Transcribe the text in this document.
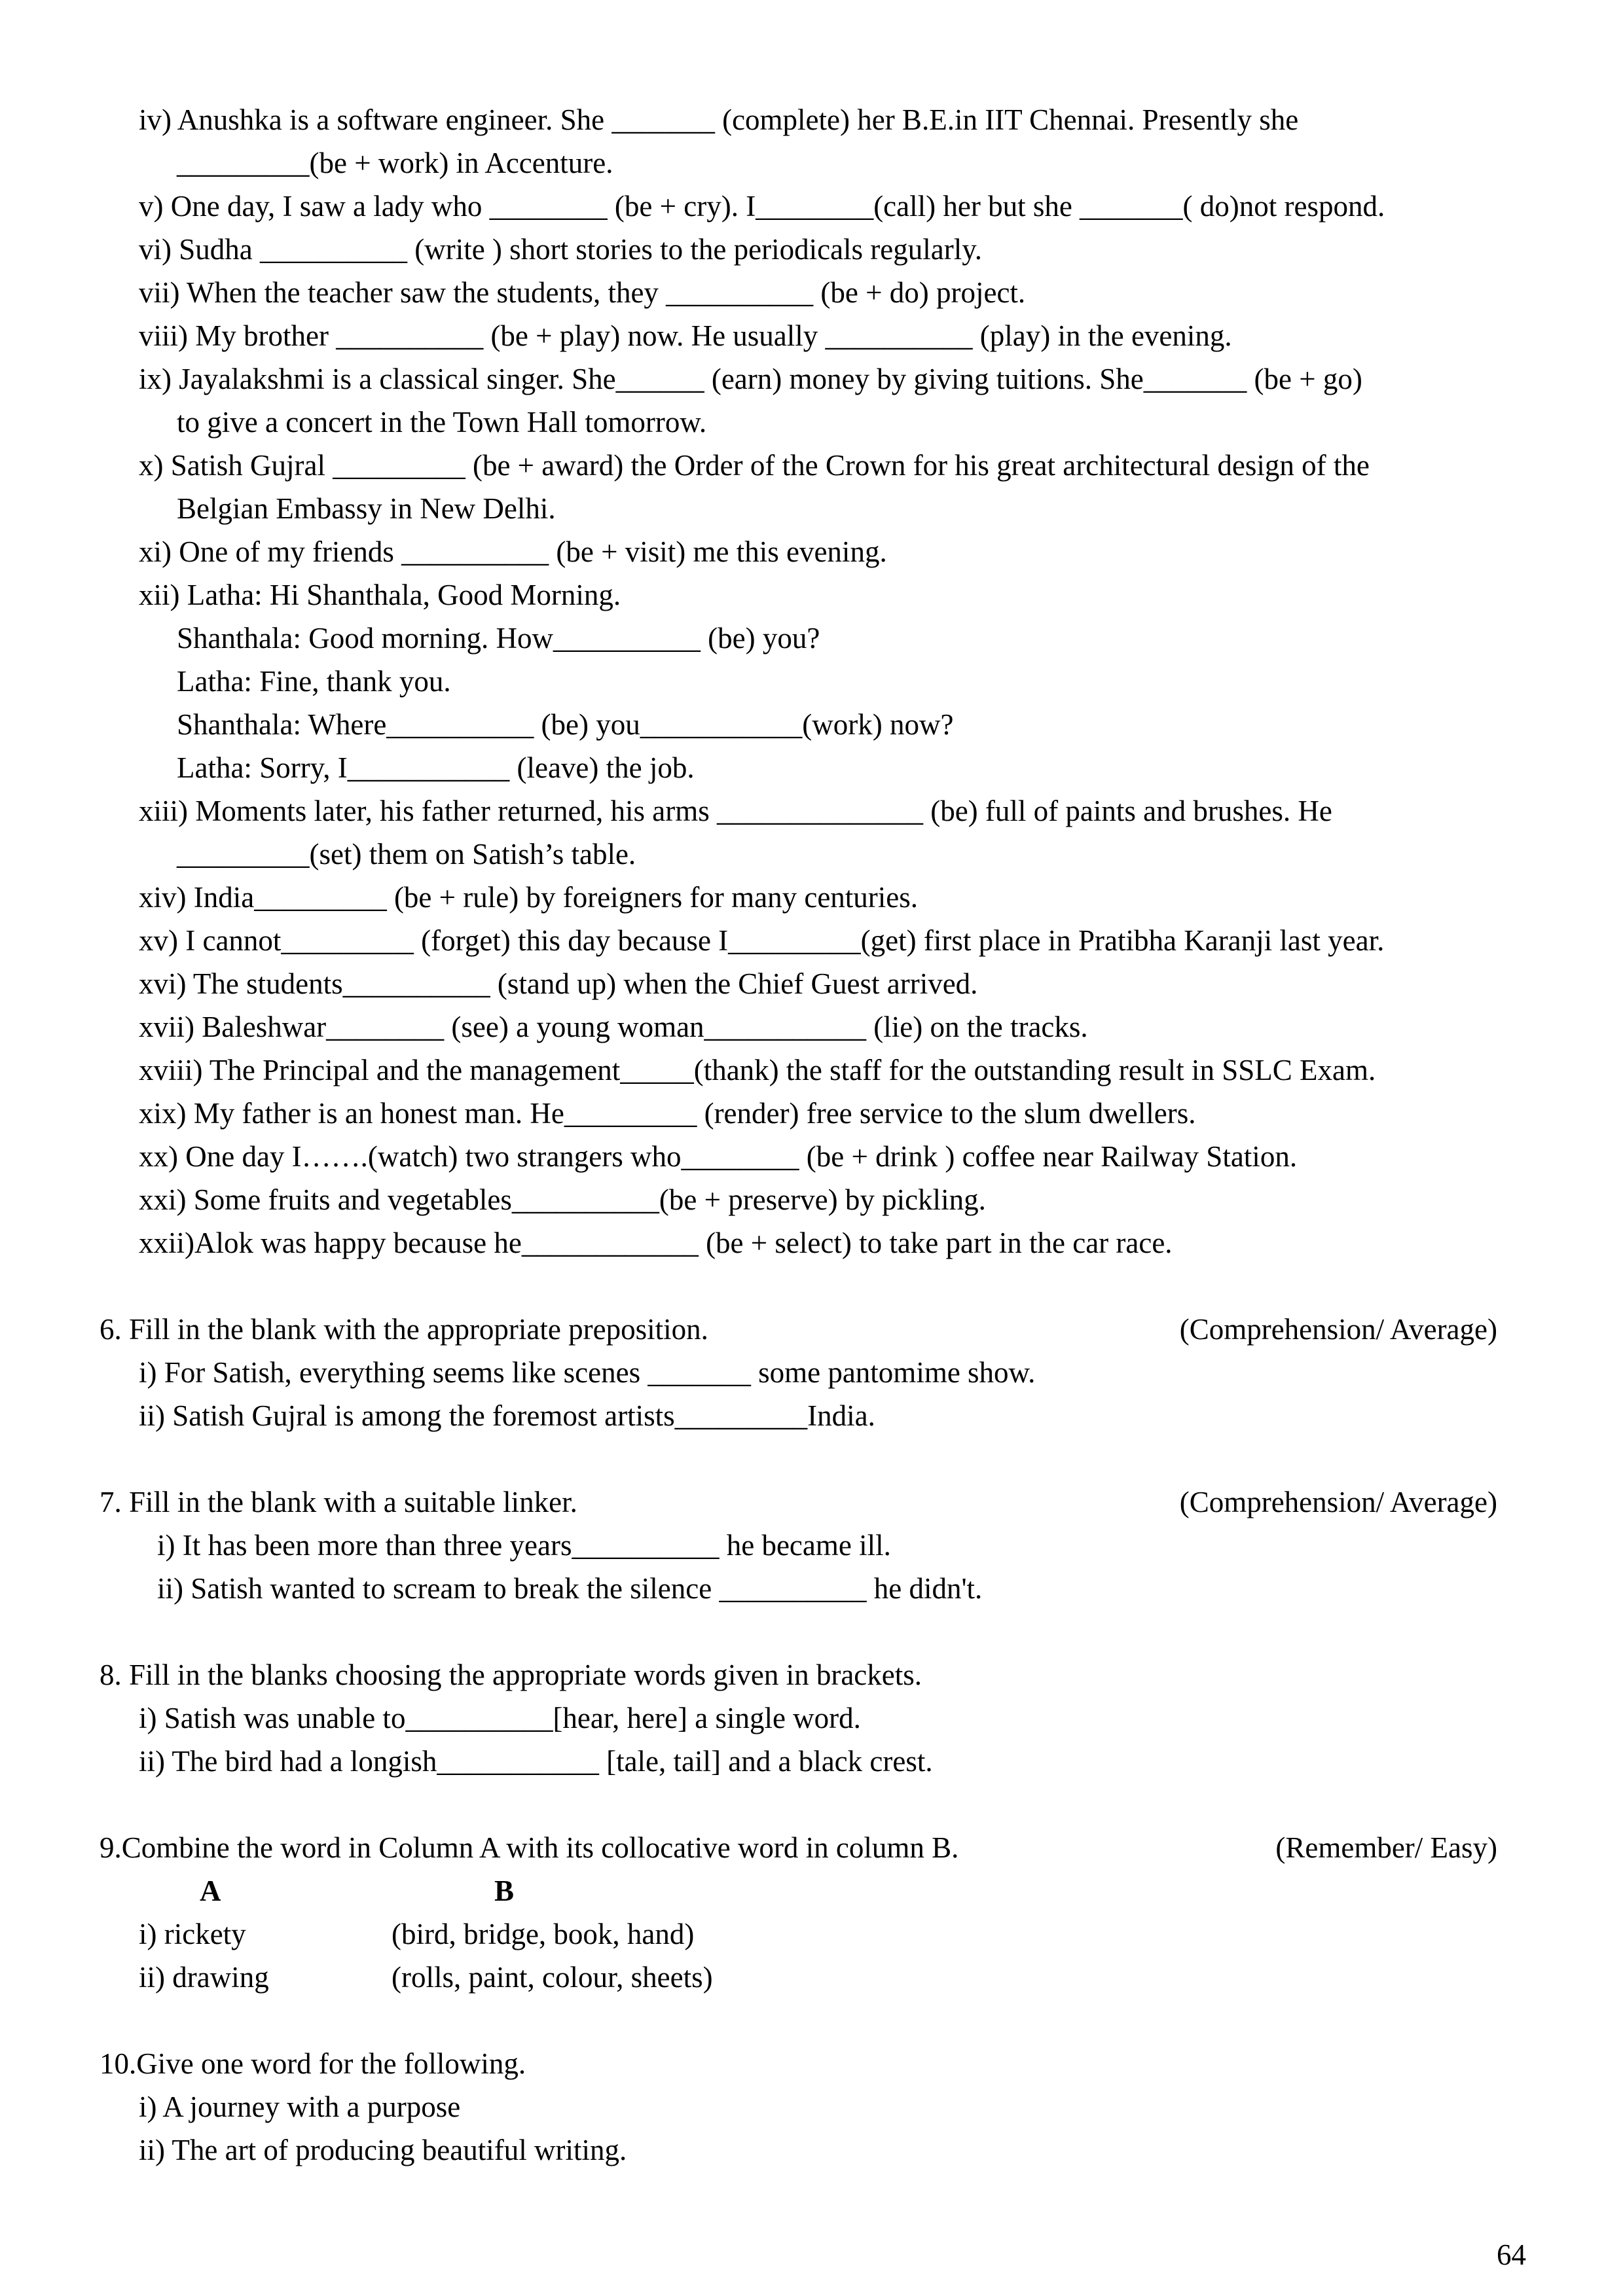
iv) Anushka is a software engineer. She _______ (complete) her B.E.in IIT Chennai. Presently she
_________(be + work) in Accenture.
v) One day, I saw a lady who ________ (be + cry). I________(call) her but she _______( do)not respond.
vi) Sudha __________ (write ) short stories to the periodicals regularly.
vii) When the teacher saw the students, they __________ (be + do) project.
viii) My brother __________ (be + play) now. He usually __________ (play) in the evening.
ix) Jayalakshmi is a classical singer. She______ (earn) money by giving tuitions. She_______ (be + go)
to give a concert in the Town Hall tomorrow.
x) Satish Gujral _________ (be + award) the Order of the Crown for his great architectural design of the
Belgian Embassy in New Delhi.
xi) One of my friends __________ (be + visit) me this evening.
xii) Latha: Hi Shanthala, Good Morning.
Shanthala: Good morning. How__________ (be) you?
Latha: Fine, thank you.
Shanthala: Where__________ (be) you___________(work) now?
Latha: Sorry, I___________ (leave) the job.
xiii) Moments later, his father returned, his arms ______________ (be) full of paints and brushes. He
_________(set) them on Satish’s table.
xiv) India_________ (be + rule) by foreigners for many centuries.
xv) I cannot_________ (forget) this day because I_________(get) first place in Pratibha Karanji last year.
xvi) The students__________ (stand up) when the Chief Guest arrived.
xvii) Baleshwar________ (see) a young woman___________ (lie) on the tracks.
xviii) The Principal and the management_____(thank) the staff for the outstanding result in SSLC Exam.
xix) My father is an honest man. He_________ (render) free service to the slum dwellers.
xx) One day I…….(watch) two strangers who________ (be + drink ) coffee near Railway Station.
xxi) Some fruits and vegetables__________(be + preserve) by pickling.
xxii)Alok was happy because he____________ (be + select) to take part in the car race.
6. Fill in the blank with the appropriate preposition.	(Comprehension/ Average)
i) For Satish, everything seems like scenes _______ some pantomime show.
ii) Satish Gujral is among the foremost artists_________India.
7. Fill in the blank with a suitable linker.	(Comprehension/ Average)
i) It has been more than three years__________ he became ill.
ii) Satish wanted to scream to break the silence __________ he didn't.
8. Fill in the blanks choosing the appropriate words given in brackets.
i) Satish was unable to__________[hear, here] a single word.
ii) The bird had a longish___________ [tale, tail] and a black crest.
9.Combine the word in Column A with its collocative word in column B.	(Remember/ Easy)
A	B
i) rickety	(bird, bridge, book, hand)
ii) drawing	(rolls, paint, colour, sheets)
10.Give one word for the following.
i) A journey with a purpose
ii) The art of producing beautiful writing.
64
